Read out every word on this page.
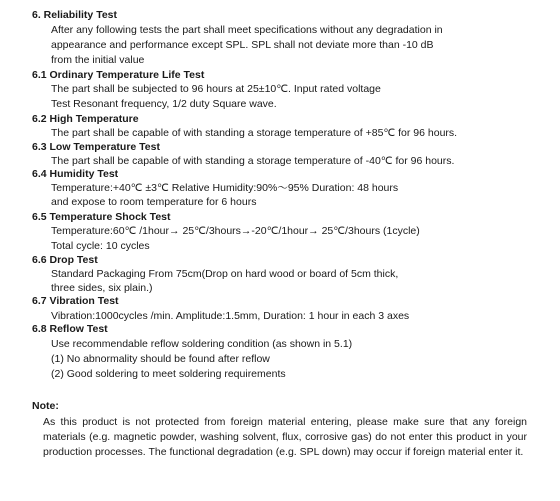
6. Reliability Test
After any following tests the part shall meet specifications without any degradation in
appearance and performance except SPL. SPL shall not deviate more than -10 dB
from the initial value
6.1 Ordinary Temperature Life Test
The part shall be subjected to 96 hours at 25±10℃. Input rated voltage
Test Resonant frequency, 1/2 duty Square wave.
6.2 High Temperature
The part shall be capable of with standing a storage temperature of +85℃ for 96 hours.
6.3 Low Temperature Test
The part shall be capable of with standing a storage temperature of -40℃ for 96 hours.
6.4 Humidity Test
Temperature:+40℃ ±3℃ Relative Humidity:90%～95% Duration: 48 hours
and expose to room temperature for 6 hours
6.5 Temperature Shock Test
Temperature:60℃ /1hour→ 25℃/3hours→-20℃/1hour→ 25℃/3hours (1cycle)
Total cycle: 10 cycles
6.6 Drop Test
Standard Packaging From 75cm(Drop on hard wood or board of 5cm thick,
three sides, six plain.)
6.7 Vibration Test
Vibration:1000cycles /min. Amplitude:1.5mm, Duration: 1 hour in each 3 axes
6.8 Reflow Test
Use recommendable reflow soldering condition (as shown in 5.1)
(1) No abnormality should be found after reflow
(2) Good soldering to meet soldering requirements
Note:
As this product is not protected from foreign material entering, please make sure that any foreign
materials (e.g. magnetic powder, washing solvent, flux, corrosive gas) do not enter this product in your
production processes. The functional degradation (e.g. SPL down) may occur if foreign material enter it.
